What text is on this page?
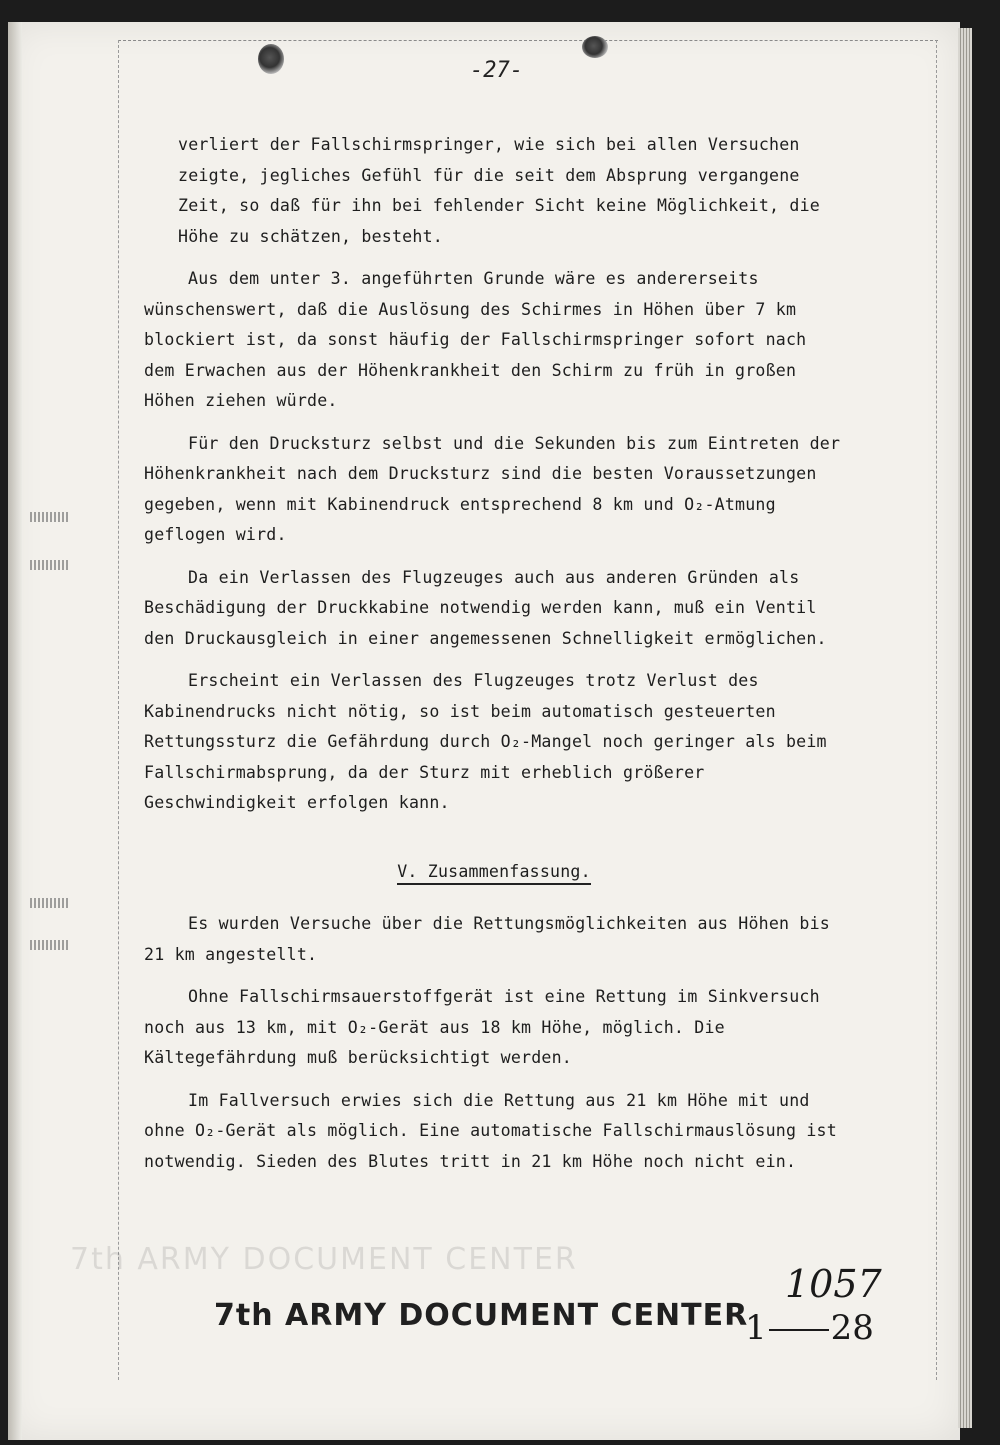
-27-

verliert der Fallschirmspringer, wie sich bei allen Versuchen zeigte, jegliches Gefühl für die seit dem Absprung vergangene Zeit, so daß für ihn bei fehlender Sicht keine Möglichkeit, die Höhe zu schätzen, besteht.

Aus dem unter 3. angeführten Grunde wäre es andererseits wünschenswert, daß die Auslösung des Schirmes in Höhen über 7 km blockiert ist, da sonst häufig der Fallschirmspringer sofort nach dem Erwachen aus der Höhenkrankheit den Schirm zu früh in großen Höhen ziehen würde.

Für den Drucksturz selbst und die Sekunden bis zum Eintreten der Höhenkrankheit nach dem Drucksturz sind die besten Voraussetzungen gegeben, wenn mit Kabinendruck entsprechend 8 km und O₂-Atmung geflogen wird.

Da ein Verlassen des Flugzeuges auch aus anderen Gründen als Beschädigung der Druckkabine notwendig werden kann, muß ein Ventil den Druckausgleich in einer angemessenen Schnelligkeit ermöglichen.

Erscheint ein Verlassen des Flugzeuges trotz Verlust des Kabinendrucks nicht nötig, so ist beim automatisch gesteuerten Rettungssturz die Gefährdung durch O₂-Mangel noch geringer als beim Fallschirmabsprung, da der Sturz mit erheblich größerer Geschwindigkeit erfolgen kann.

V. Zusammenfassung.

Es wurden Versuche über die Rettungsmöglichkeiten aus Höhen bis 21 km angestellt.

Ohne Fallschirmsauerstoffgerät ist eine Rettung im Sinkversuch noch aus 13 km, mit O₂-Gerät aus 18 km Höhe, möglich. Die Kältegefährdung muß berücksichtigt werden.

Im Fallversuch erwies sich die Rettung aus 21 km Höhe mit und ohne O₂-Gerät als möglich. Eine automatische Fallschirmauslösung ist notwendig. Sieden des Blutes tritt in 21 km Höhe noch nicht ein.

7th ARMY DOCUMENT CENTER
7th ARMY DOCUMENT CENTER
1057
1 28
